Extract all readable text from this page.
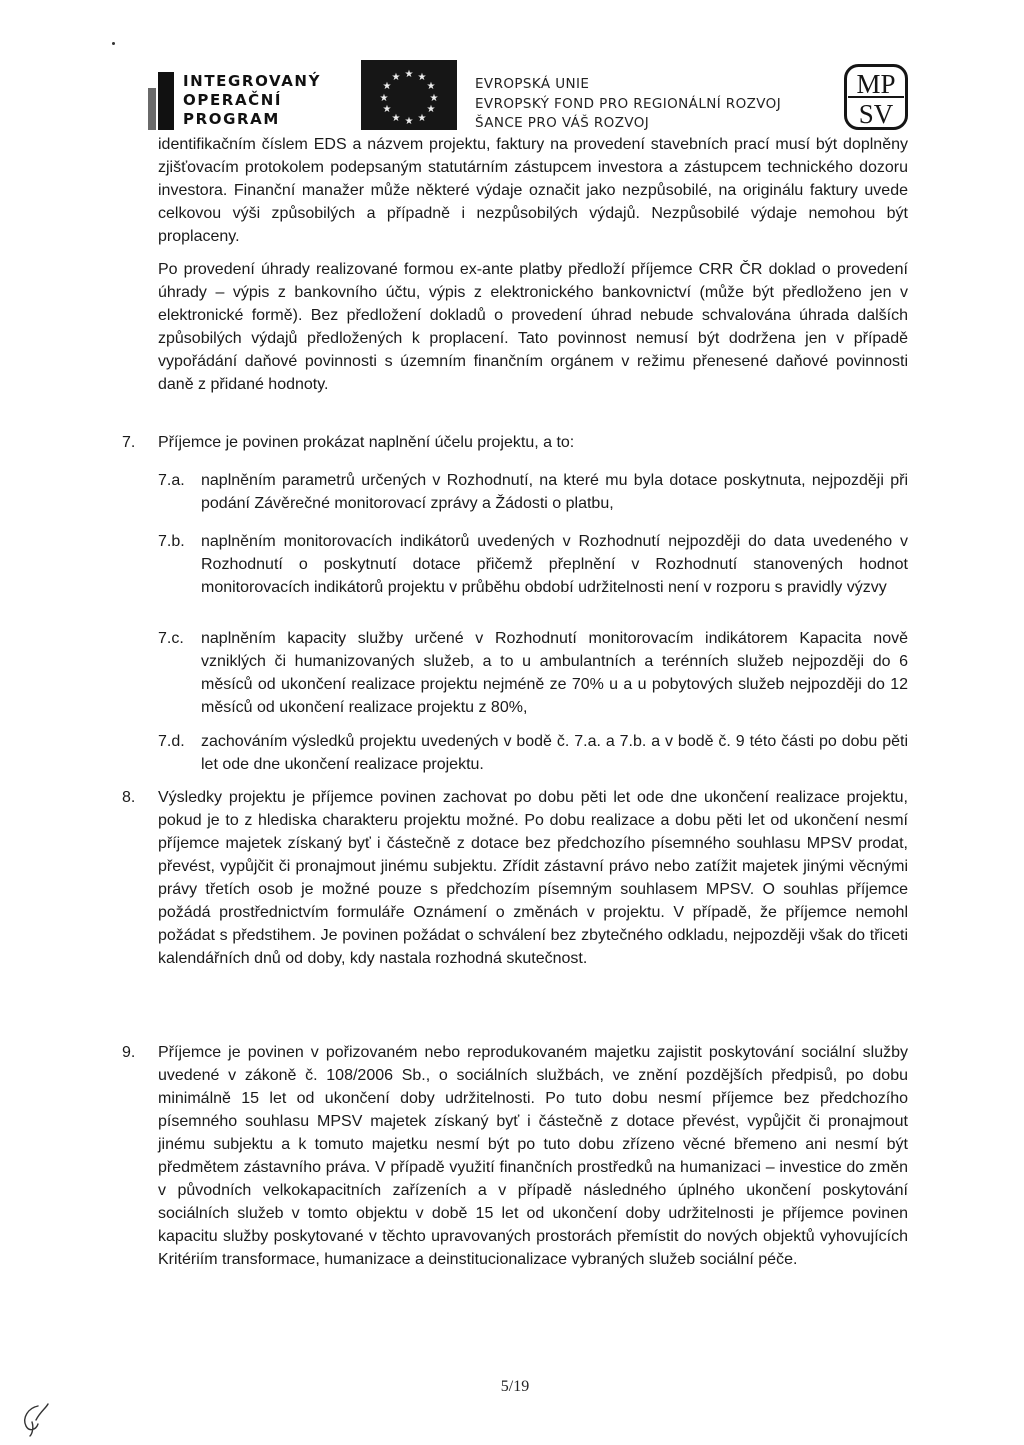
INTEGROVANÝ
OPERAČNÍ
PROGRAM
★ ★
★
★
★
★
★
★
★
★
★
★	EVROPSKÁ UNIE
EVROPSKÝ FOND PRO REGIONÁLNÍ ROZVOJ
ŠANCE PRO VÁŠ ROZVOJ
MP
SV
identifikačním číslem EDS a názvem projektu, faktury na provedení stavebních prací musí být doplněny zjišťovacím protokolem podepsaným statutárním zástupcem investora a zástupcem technického dozoru investora. Finanční manažer může některé výdaje označit jako nezpůsobilé, na originálu faktury uvede celkovou výši způsobilých a případně i nezpůsobilých výdajů. Nezpůsobilé výdaje nemohou být proplaceny.
Po provedení úhrady realizované formou ex-ante platby předloží příjemce CRR ČR doklad o provedení úhrady – výpis z bankovního účtu, výpis z elektronického bankovnictví (může být předloženo jen v elektronické formě). Bez předložení dokladů o provedení úhrad nebude schvalována úhrada dalších způsobilých výdajů předložených k proplacení. Tato povinnost nemusí být dodržena jen v případě vypořádání daňové povinnosti s územním finančním orgánem v režimu přenesené daňové povinnosti daně z přidané hodnoty.
7.	Příjemce je povinen prokázat naplnění účelu projektu, a to:
7.a.	naplněním parametrů určených v Rozhodnutí, na které mu byla dotace poskytnuta, nejpozději při podání Závěrečné monitorovací zprávy a Žádosti o platbu,
7.b.	naplněním monitorovacích indikátorů uvedených v Rozhodnutí nejpozději do data uvedeného v Rozhodnutí o poskytnutí dotace přičemž přeplnění v Rozhodnutí stanovených hodnot monitorovacích indikátorů projektu v průběhu období udržitelnosti není v rozporu s pravidly výzvy
7.c.	naplněním kapacity služby určené v Rozhodnutí monitorovacím indikátorem Kapacita nově vzniklých či humanizovaných služeb, a to u ambulantních a terénních služeb nejpozději do 6 měsíců od ukončení realizace projektu nejméně ze 70% u a u pobytových služeb nejpozději do 12 měsíců od ukončení realizace projektu z 80%,
7.d.	zachováním výsledků projektu uvedených v bodě č. 7.a. a 7.b. a v bodě č. 9 této části po dobu pěti let ode dne ukončení realizace projektu.
8.	Výsledky projektu je příjemce povinen zachovat po dobu pěti let ode dne ukončení realizace projektu, pokud je to z hlediska charakteru projektu možné. Po dobu realizace a dobu pěti let od ukončení nesmí příjemce majetek získaný byť i částečně z dotace bez předchozího písemného souhlasu MPSV prodat, převést, vypůjčit či pronajmout jinému subjektu. Zřídit zástavní právo nebo zatížit majetek jinými věcnými právy třetích osob je možné pouze s předchozím písemným souhlasem MPSV. O souhlas příjemce požádá prostřednictvím formuláře Oznámení o změnách v projektu. V případě, že příjemce nemohl požádat s předstihem. Je povinen požádat o schválení bez zbytečného odkladu, nejpozději však do třiceti kalendářních dnů od doby, kdy nastala rozhodná skutečnost.
9.	Příjemce je povinen v pořizovaném nebo reprodukovaném majetku zajistit poskytování sociální služby uvedené v zákoně č. 108/2006 Sb., o sociálních službách, ve znění pozdějších předpisů, po dobu minimálně 15 let od ukončení doby udržitelnosti. Po tuto dobu nesmí příjemce bez předchozího písemného souhlasu MPSV majetek získaný byť i částečně z dotace převést, vypůjčit či pronajmout jinému subjektu a k tomuto majetku nesmí být po tuto dobu zřízeno věcné břemeno ani nesmí být předmětem zástavního práva. V případě využití finančních prostředků na humanizaci – investice do změn v původních velkokapacitních zařízeních a v případě následného úplného ukončení poskytování sociálních služeb v tomto objektu v době 15 let od ukončení doby udržitelnosti je příjemce povinen kapacitu služby poskytované v těchto upravovaných prostorách přemístit do nových objektů vyhovujících Kritériím transformace, humanizace a deinstitucionalizace vybraných služeb sociální péče.
5/19
